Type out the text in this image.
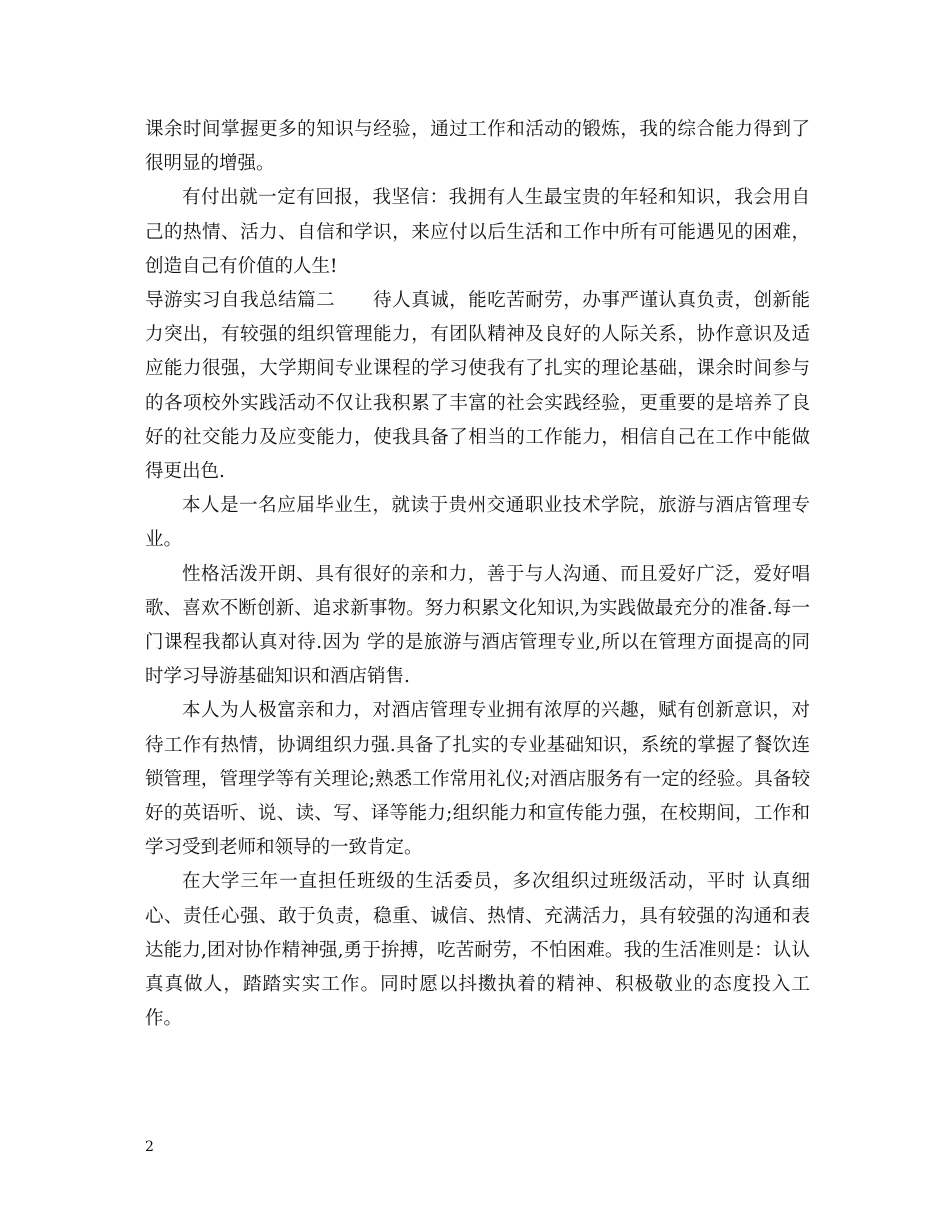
课余时间掌握更多的知识与经验，通过工作和活动的锻炼，我的综合能力得到了很明显的增强。

有付出就一定有回报，我坚信：我拥有人生最宝贵的年轻和知识，我会用自己的热情、活力、自信和学识，来应付以后生活和工作中所有可能遇见的困难，创造自己有价值的人生!

导游实习自我总结篇二　　待人真诚，能吃苦耐劳，办事严谨认真负责，创新能力突出，有较强的组织管理能力，有团队精神及良好的人际关系，协作意识及适应能力很强，大学期间专业课程的学习使我有了扎实的理论基础，课余时间参与的各项校外实践活动不仅让我积累了丰富的社会实践经验，更重要的是培养了良好的社交能力及应变能力，使我具备了相当的工作能力，相信自己在工作中能做得更出色.

本人是一名应届毕业生，就读于贵州交通职业技术学院，旅游与酒店管理专业。

性格活泼开朗、具有很好的亲和力，善于与人沟通、而且爱好广泛，爱好唱歌、喜欢不断创新、追求新事物。努力积累文化知识,为实践做最充分的准备.每一门课程我都认真对待.因为 学的是旅游与酒店管理专业,所以在管理方面提高的同时学习导游基础知识和酒店销售.

本人为人极富亲和力，对酒店管理专业拥有浓厚的兴趣，赋有创新意识，对待工作有热情，协调组织力强.具备了扎实的专业基础知识，系统的掌握了餐饮连锁管理，管理学等有关理论;熟悉工作常用礼仪;对酒店服务有一定的经验。具备较好的英语听、说、读、写、译等能力;组织能力和宣传能力强，在校期间，工作和学习受到老师和领导的一致肯定。

在大学三年一直担任班级的生活委员，多次组织过班级活动，平时 认真细心、责任心强、敢于负责，稳重、诚信、热情、充满活力，具有较强的沟通和表达能力,团对协作精神强,勇于拚搏，吃苦耐劳，不怕困难。我的生活准则是：认认真真做人，踏踏实实工作。同时愿以抖擞执着的精神、积极敬业的态度投入工作。

2
